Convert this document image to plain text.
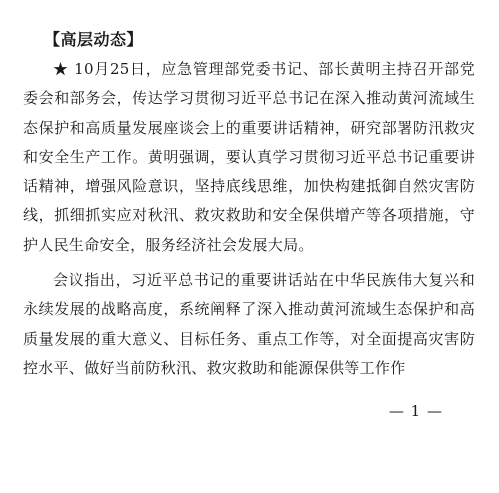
【高层动态】

★ 10月25日，应急管理部党委书记、部长黄明主持召开部党委会和部务会，传达学习贯彻习近平总书记在深入推动黄河流域生态保护和高质量发展座谈会上的重要讲话精神，研究部署防汛救灾和安全生产工作。黄明强调，要认真学习贯彻习近平总书记重要讲话精神，增强风险意识，坚持底线思维，加快构建抵御自然灾害防线，抓细抓实应对秋汛、救灾救助和安全保供增产等各项措施，守护人民生命安全，服务经济社会发展大局。

会议指出，习近平总书记的重要讲话站在中华民族伟大复兴和永续发展的战略高度，系统阐释了深入推动黄河流域生态保护和高质量发展的重大意义、目标任务、重点工作等，对全面提高灾害防控水平、做好当前防秋汛、救灾救助和能源保供等工作作

— 1 —
